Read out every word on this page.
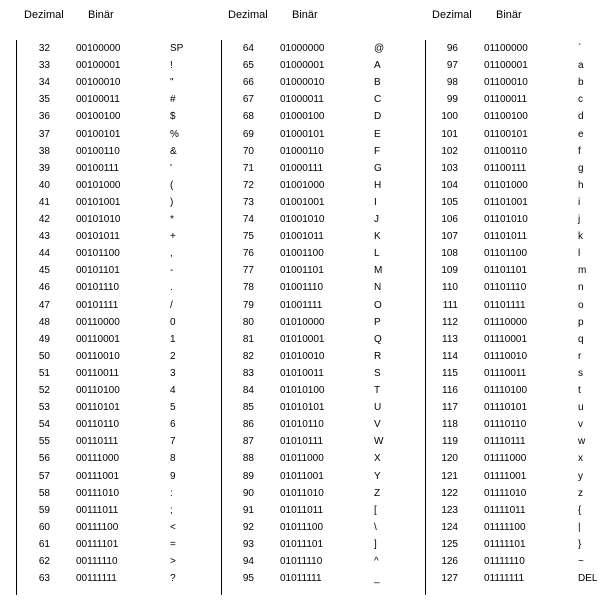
Dezimal Binär	Dezimal Binär	Dezimal Binär
32	00100000	SP
33	00100001	!
34	00100010	"
35	00100011	#
36	00100100	$
37	00100101	%
38	00100110	&
39	00100111	'
40	00101000	(
41	00101001	)
42	00101010	*
43	00101011	+
44	00101100	,
45	00101101	-
46	00101110	.
47	00101111	/
48	00110000	0
49	00110001	1
50	00110010	2
51	00110011	3
52	00110100	4
53	00110101	5
54	00110110	6
55	00110111	7
56	00111000	8
57	00111001	9
58	00111010	:
59	00111011	;
60	00111100	<
61	00111101	=
62	00111110	>
63	00111111	?
64	01000000	@
65	01000001	A
66	01000010	B
67	01000011	C
68	01000100	D
69	01000101	E
70	01000110	F
71	01000111	G
72	01001000	H
73	01001001	I
74	01001010	J
75	01001011	K
76	01001100	L
77	01001101	M
78	01001110	N
79	01001111	O
80	01010000	P
81	01010001	Q
82	01010010	R
83	01010011	S
84	01010100	T
85	01010101	U
86	01010110	V
87	01010111	W
88	01011000	X
89	01011001	Y
90	01011010	Z
91	01011011	[
92	01011100	\
93	01011101	]
94	01011110	^
95	01011111	_
96	01100000	`
97	01100001	a
98	01100010	b
99	01100011	c
100	01100100	d
101	01100101	e
102	01100110	f
103	01100111	g
104	01101000	h
105	01101001	i
106	01101010	j
107	01101011	k
108	01101100	l
109	01101101	m
110	01101110	n
111	01101111	o
112	01110000	p
113	01110001	q
114	01110010	r
115	01110011	s
116	01110100	t
117	01110101	u
118	01110110	v
119	01110111	w
120	01111000	x
121	01111001	y
122	01111010	z
123	01111011	{
124	01111100	|
125	01111101	}
126	01111110	~
127	01111111	DEL
